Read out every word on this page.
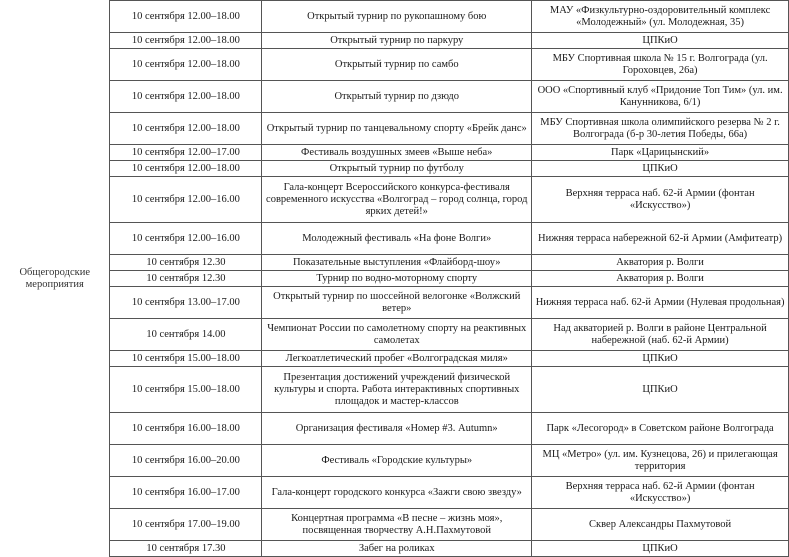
Общегородские мероприятия	10 сентября 12.00–18.00	Открытый турнир по рукопашному бою	МАУ «Физкультурно-оздоровительный комплекс «Молодежный» (ул. Молодежная, 35)
	10 сентября 12.00–18.00	Открытый турнир по паркуру	ЦПКиО
	10 сентября 12.00–18.00	Открытый турнир по самбо	МБУ Спортивная школа № 15 г. Волгограда (ул. Гороховцев, 26а)
	10 сентября 12.00–18.00	Открытый турнир по дзюдо	ООО «Спортивный клуб «Придоние Топ Тим» (ул. им. Канунникова, 6/1)
	10 сентября 12.00–18.00	Открытый турнир по танцевальному спорту «Брейк данс»	МБУ Спортивная школа олимпийского резерва № 2 г. Волгограда (б-р 30-летия Победы, 66а)
	10 сентября 12.00–17.00	Фестиваль воздушных змеев «Выше неба»	Парк «Царицынский»
	10 сентября 12.00–18.00	Открытый турнир по футболу	ЦПКиО
	10 сентября 12.00–16.00	Гала-концерт Всероссийского конкурса-фестиваля современного искусства «Волгоград – город солнца, город ярких детей!»	Верхняя терраса наб. 62-й Армии (фонтан «Искусство»)
	10 сентября 12.00–16.00	Молодежный фестиваль «На фоне Волги»	Нижняя терраса набережной 62-й Армии (Амфитеатр)
	10 сентября 12.30	Показательные выступления «Флайборд-шоу»	Акватория р. Волги
	10 сентября 12.30	Турнир по водно-моторному спорту	Акватория р. Волги
	10 сентября 13.00–17.00	Открытый турнир по шоссейной велогонке «Волжский ветер»	Нижняя терраса наб. 62-й Армии (Нулевая продольная)
	10 сентября 14.00	Чемпионат России по самолетному спорту на реактивных самолетах	Над акваторией р. Волги в районе Центральной набережной (наб. 62-й Армии)
	10 сентября 15.00–18.00	Легкоатлетический пробег «Волгоградская миля»	ЦПКиО
	10 сентября 15.00–18.00	Презентация достижений учреждений физической культуры и спорта. Работа интерактивных спортивных площадок и мастер-классов	ЦПКиО
	10 сентября 16.00–18.00	Организация фестиваля «Номер #3. Autumn»	Парк «Лесогород» в Советском районе Волгограда
	10 сентября 16.00–20.00	Фестиваль «Городские культуры»	МЦ «Метро» (ул. им. Кузнецова, 26) и прилегающая территория
	10 сентября 16.00–17.00	Гала-концерт городского конкурса «Зажги свою звезду»	Верхняя терраса наб. 62-й Армии (фонтан «Искусство»)
	10 сентября 17.00–19.00	Концертная программа «В песне – жизнь моя», посвященная творчеству А.Н.Пахмутовой	Сквер Александры Пахмутовой
	10 сентября 17.30	Забег на роликах	ЦПКиО
